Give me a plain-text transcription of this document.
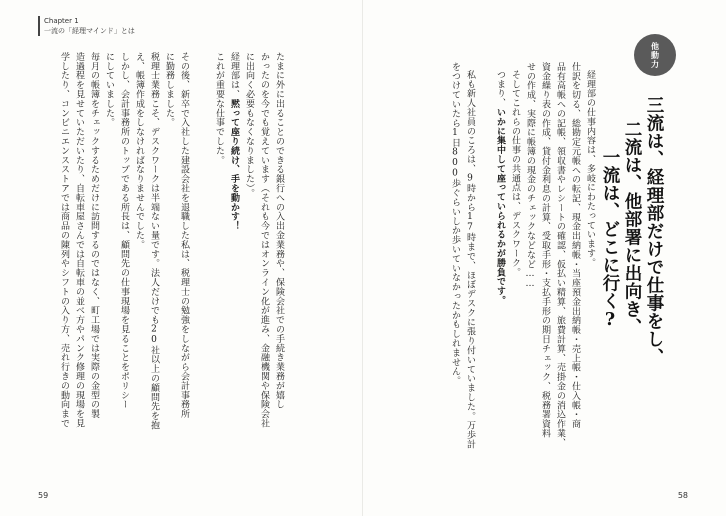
Chapter 1
一流の「経理マインド」とは
たまに外に出ることのできる銀行への入出金業務や、保険会社での手続き業務が嬉し
かったのを今でも覚えています（それも今ではオンライン化が進み、金融機関や保険会社
に出向く必要もなくなりました）。
経理部は、黙って座り続け、手を動かす！
これが重要な仕事でした。
その後、新卒で入社した建設会社を退職した私は、税理士の勉強をしながら会計事務所
に勤務しました。
税理士業務こそ、デスクワークは半端ない量です。法人だけでも20社以上の顧問先を抱
え、帳簿作成をしなければなりませんでした。
しかし、会計事務所のトップである所長は、顧問先の仕事現場を見ることをポリシー
にしていました。
毎月の帳簿をチェックするためだけに訪問するのではなく、町工場では実際の金型の製
造過程を見せていただいたり、自転車屋さんでは自転車の並べ方やパンク修理の現場を見
学したり、コンビニエンスストアでは商品の陳列やシフトの入り方、売れ行きの動向まで
59
他動力
三流は、経理部だけで仕事をし、
二流は、他部署に出向き、
一流は、どこに行く?
経理部の仕事内容は、多岐にわたっています。
仕訳を切る、総勘定元帳への転記、現金出納帳・当座預金出納帳・売上帳・仕入帳・商
品有高帳への記帳、領収書やレシートの確認、仮払い精算、旅費計算、売掛金の消込作業、
資金繰り表の作成、貸付金利息の計算、受取手形・支払手形の期日チェック、税務署資料
せの作成、実際に帳簿の現金のチェックなどなど……
そしてこれらの仕事の共通点は、デスクワーク。
つまり、いかに集中して座っていられるかが勝負です。
私も新人社員のころは、9時から17時まで、ほぼデスクに張り付いていました。万歩計
をつけていたら1日800歩ぐらいしか歩いていなかったかもしれません。
58
